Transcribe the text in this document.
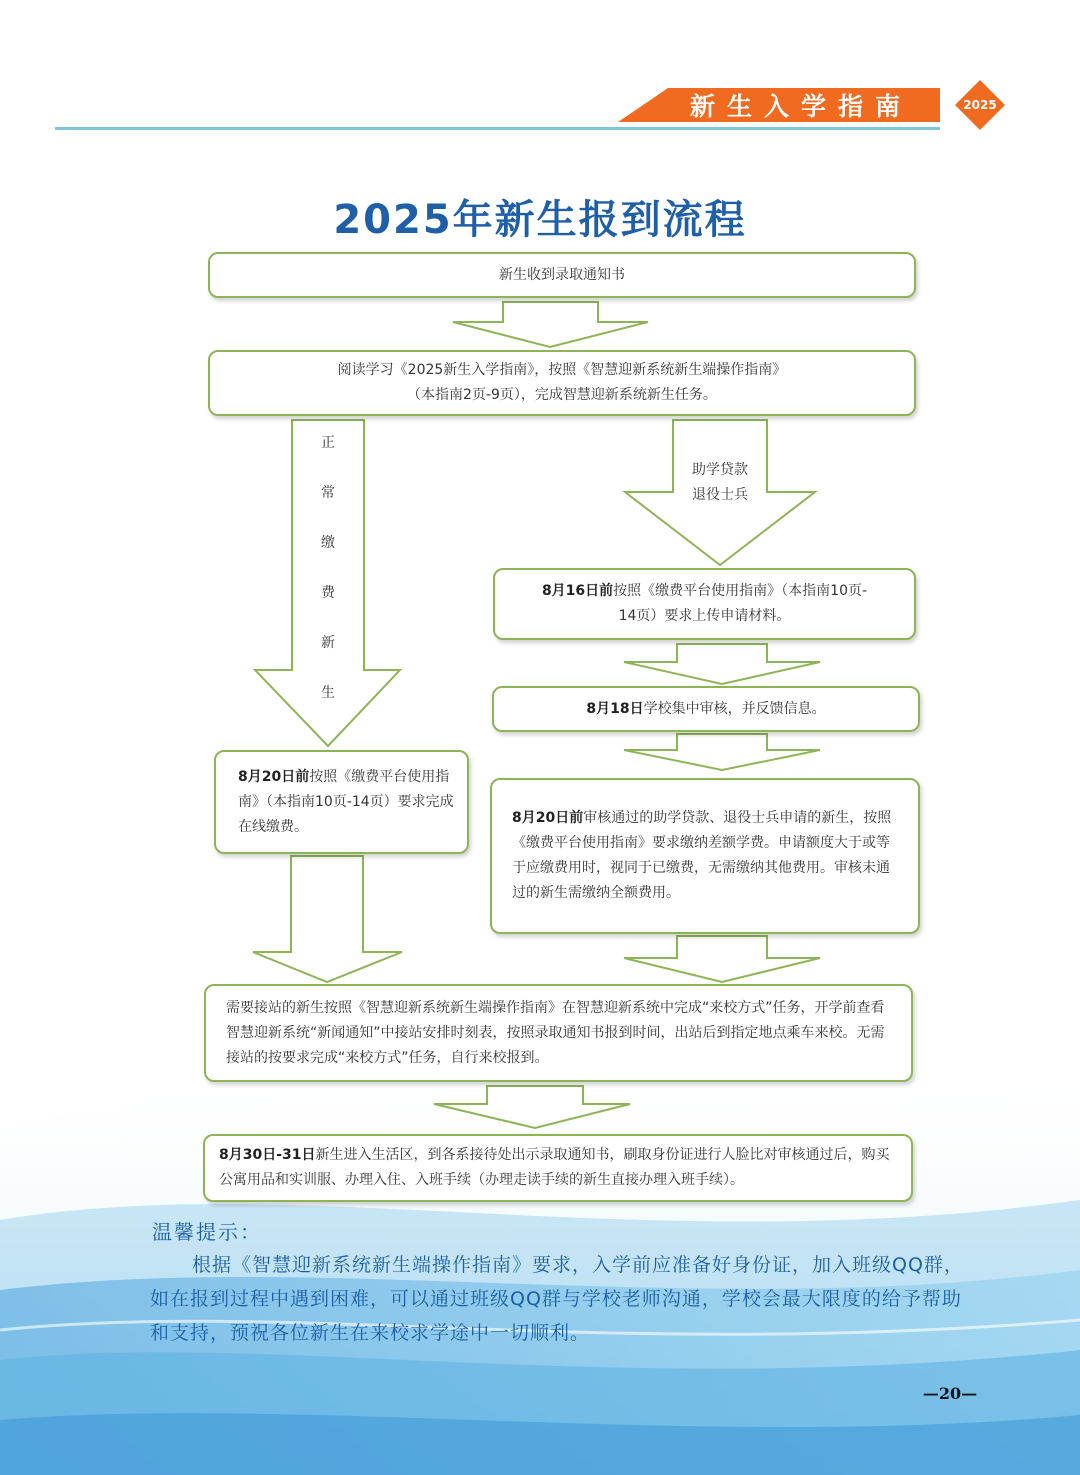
新生入学指南	2025
2025年新生报到流程

新生收到录取通知书

阅读学习《2025新生入学指南》，按照《智慧迎新系统新生端操作指南》
（本指南2页-9页），完成智慧迎新系统新生任务。

正
常
缴
费
新
生
助学贷款
退役士兵

8月16日前按照《缴费平台使用指南》（本指南10页-
14页）要求上传申请材料。

8月18日学校集中审核，并反馈信息。

8月20日前审核通过的助学贷款、退役士兵申请的新生，按照《缴费平台使用指南》要求缴纳差额学费。申请额度大于或等于应缴费用时，视同于已缴费，无需缴纳其他费用。审核未通过的新生需缴纳全额费用。

8月20日前按照《缴费平台使用指南》（本指南10页-14页）要求完成在线缴费。

需要接站的新生按照《智慧迎新系统新生端操作指南》在智慧迎新系统中完成“来校方式”任务，开学前查看智慧迎新系统“新闻通知”中接站安排时刻表，按照录取通知书报到时间，出站后到指定地点乘车来校。无需接站的按要求完成“来校方式”任务，自行来校报到。

8月30日-31日新生进入生活区，到各系接待处出示录取通知书，刷取身份证进行人脸比对审核通过后，购买公寓用品和实训服、办理入住、入班手续（办理走读手续的新生直接办理入班手续）。

温馨提示：
根据《智慧迎新系统新生端操作指南》要求，入学前应准备好身份证，加入班级QQ群，如在报到过程中遇到困难，可以通过班级QQ群与学校老师沟通，学校会最大限度的给予帮助和支持，预祝各位新生在来校求学途中一切顺利。
—20—
